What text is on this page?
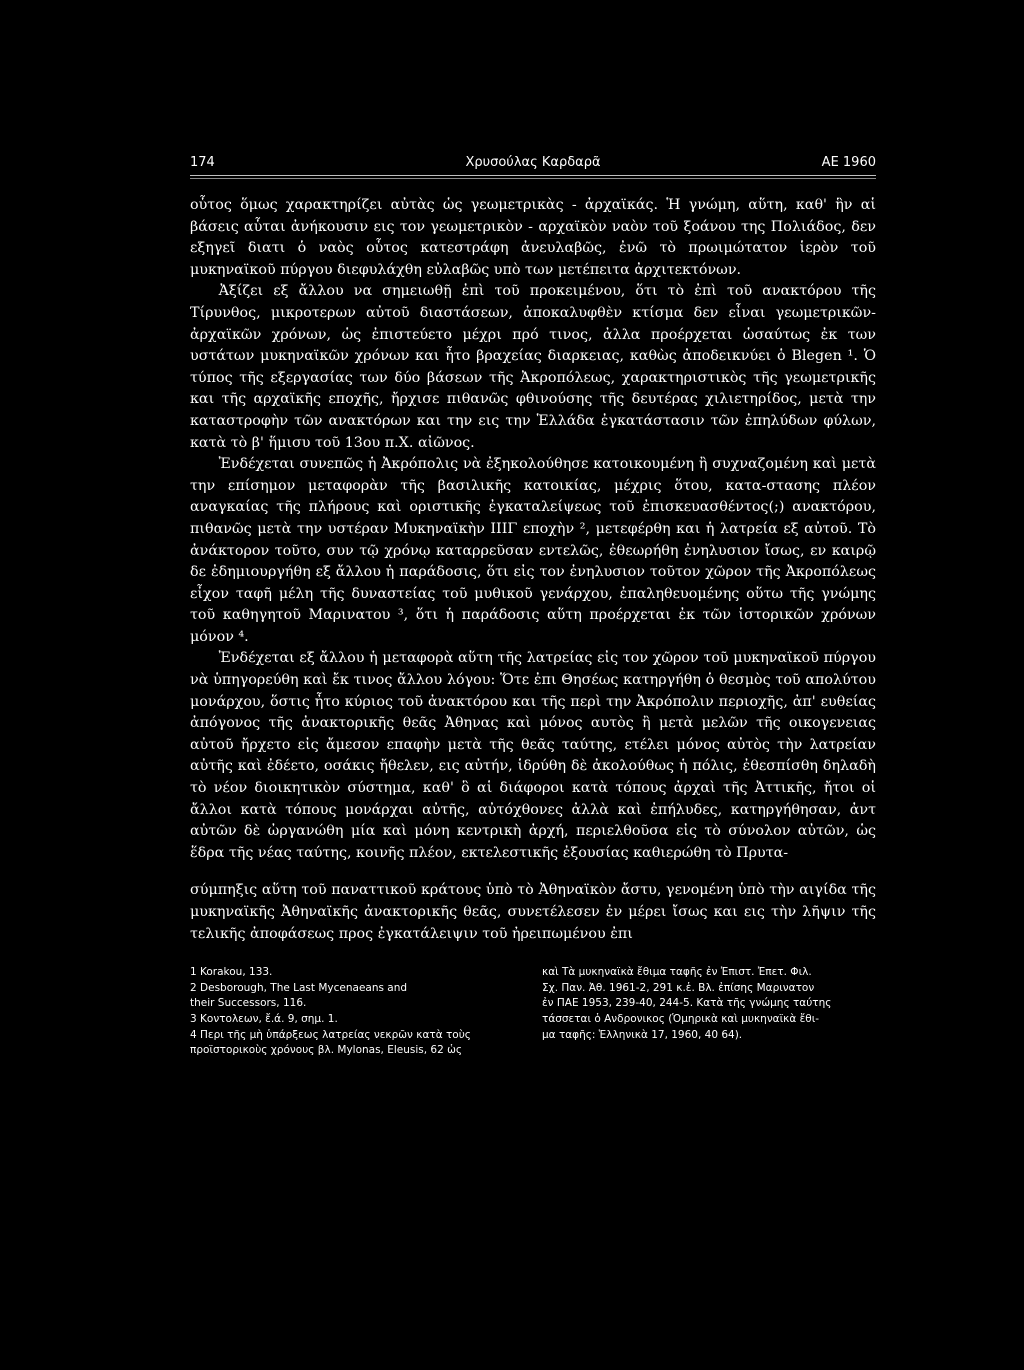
174	Χρυσούλας Καρδαρᾶ	ΑΕ 1960

οὗτος ὅμως χαρακτηρίζει αὐτὰς ὡς γεωμετρικὰς - ἀρχαϊκάς. Ἡ γνώμη, αὕτη, καθ' ἣν αἱ βάσεις αὗται ἀνήκουσιν εις τον γεωμετρικὸν - αρχαϊκὸν ναὸν τοῦ ξοάνου της Πολιάδος, δεν εξηγεῖ διατι ὁ ναὸς οὗτος κατεστράφη ἀνευλαβῶς, ἐνῶ τὸ πρωιμώτατον ἱερὸν τοῦ μυκηναϊκοῦ πύργου διεφυλάχθη εὐλαβῶς υπὸ των μετέπειτα ἀρχιτεκτόνων.

Ἀξίζει εξ ἄλλου να σημειωθῇ ἐπὶ τοῦ προκειμένου, ὅτι τὸ ἐπὶ τοῦ ανακτόρου τῆς Τίρυνθος, μικροτερων αὐτοῦ διαστάσεων, ἀποκαλυφθὲν κτίσμα δεν εἶναι γεωμετρικῶν-ἀρχαϊκῶν χρόνων, ὡς ἐπιστεύετο μέχρι πρό τινος, ἀλλα προέρχεται ὡσαύτως ἐκ των υστάτων μυκηναϊκῶν χρόνων και ἦτο βραχείας διαρκειας, καθὼς ἀποδεικνύει ὁ Blegen ¹. Ὁ τύπος τῆς εξεργασίας των δύο βάσεων τῆς Ἀκροπόλεως, χαρακτηριστικὸς τῆς γεωμετρικῆς και τῆς αρχαϊκῆς εποχῆς, ἤρχισε πιθανῶς φθινούσης τῆς δευτέρας χιλιετηρίδος, μετὰ την καταστροφὴν τῶν ανακτόρων και την εις την Ἑλλάδα ἐγκατάστασιν τῶν ἐπηλύδων φύλων, κατὰ τὸ β' ἥμισυ τοῦ 13ου π.Χ. αἰῶνος.

Ἐνδέχεται συνεπῶς ἡ Ἀκρόπολις νὰ ἐξηκολούθησε κατοικουμένη ἢ συχναζομένη καὶ μετὰ την επίσημον μεταφορὰν τῆς βασιλικῆς κατοικίας, μέχρις ὅτου, κατα-στασης πλέον αναγκαίας τῆς πλήρους καὶ οριστικῆς ἐγκαταλείψεως τοῦ ἐπισκευασθέντος(;) ανακτόρου, πιθανῶς μετὰ την υστέραν Μυκηναϊκὴν ΙΙΙΓ εποχὴν ², μετεφέρθη και ἡ λατρεία εξ αὐτοῦ. Τὸ ἀνάκτορον τοῦτο, συν τῷ χρόνῳ καταρρεῦσαν εντελῶς, ἐθεωρήθη ἐνηλυσιον ἴσως, εν καιρῷ δε ἐδημιουργήθη εξ ἄλλου ἡ παράδοσις, ὅτι εἰς τον ἐνηλυσιον τοῦτον χῶρον τῆς Ἀκροπόλεως εἶχον ταφῆ μέλη τῆς δυναστείας τοῦ μυθικοῦ γενάρχου, ἐπαληθευομένης οὕτω τῆς γνώμης τοῦ καθηγητοῦ Μαρινατου ³, ὅτι ἡ παράδοσις αὕτη προέρχεται ἐκ τῶν ἱστορικῶν χρόνων μόνον ⁴.

Ἐνδέχεται εξ ἄλλου ἡ μεταφορὰ αὕτη τῆς λατρείας εἰς τον χῶρον τοῦ μυκηναϊκοῦ πύργου νὰ ὑπηγορεύθη καὶ ἔκ τινος ἄλλου λόγου: Ὅτε ἐπι Θησέως κατηργήθη ὁ θεσμὸς τοῦ απολύτου μονάρχου, ὅστις ἦτο κύριος τοῦ ἀνακτόρου και τῆς περὶ την Ἀκρόπολιν περιοχῆς, ἀπ' ευθείας ἀπόγονος τῆς ἀνακτορικῆς θεᾶς Ἀθηνας καὶ μόνος αυτὸς ἢ μετὰ μελῶν τῆς οικογενειας αὐτοῦ ἤρχετο εἰς ἄμεσον επαφὴν μετὰ τῆς θεᾶς ταύτης, ετέλει μόνος αὐτὸς τὴν λατρείαν αὐτῆς καὶ ἐδέετο, οσάκις ἤθελεν, εις αὐτήν, ἱδρύθη δὲ ἀκολούθως ἡ πόλις, ἐθεσπίσθη δηλαδὴ τὸ νέον διοικητικὸν σύστημα, καθ' ὃ αἱ διάφοροι κατὰ τόπους ἀρχαὶ τῆς Ἀττικῆς, ἤτοι οἱ ἄλλοι κατὰ τόπους μονάρχαι αὐτῆς, αὐτόχθονες ἀλλὰ καὶ ἐπήλυδες, κατηργήθησαν, ἀντ αὐτῶν δὲ ὠργανώθη μία καὶ μόνη κεντρικὴ ἀρχή, περιελθοῦσα εἰς τὸ σύνολον αὐτῶν, ὡς ἕδρα τῆς νέας ταύτης, κοινῆς πλέον, εκτελεστικῆς ἐξουσίας καθιερώθη τὸ Πρυτα-

σύμπηξις αὕτη τοῦ παναττικοῦ κράτους ὑπὸ τὸ Ἀθηναϊκὸν ἄστυ, γενομένη ὑπὸ τὴν αιγίδα τῆς μυκηναϊκῆς Ἀθηναϊκῆς ἀνακτορικῆς θεᾶς, συνετέλεσεν ἐν μέρει ἴσως και εις τὴν λῆψιν τῆς τελικῆς ἀποφάσεως προς ἐγκατάλειψιν τοῦ ἠρειπωμένου ἐπι

1 Korakou, 133.

2 Desborough, The Last Mycenaeans and

their Successors, 116.

3 Κοντολεων, ἔ.ά. 9, σημ. 1.

4 Περι τῆς μὴ ὑπάρξεως λατρείας νεκρῶν κατὰ τοὺς

προϊστορικοὺς χρόνους βλ. Mylonas, Eleusis, 62 ὡς

καὶ Τὰ μυκηναϊκὰ ἔθιμα ταφῆς ἐν Ἐπιστ. Ἐπετ. Φιλ.

Σχ. Παν. Ἀθ. 1961-2, 291 κ.ἑ. Βλ. ἐπίσης Μαρινατον

ἐν ΠΑΕ 1953, 239-40, 244-5. Κατὰ τῆς γνώμης ταύτης

τάσσεται ὁ Ανδρονικος (Ὁμηρικὰ καὶ μυκηναϊκὰ ἔθι-

μα ταφῆς: Ἑλληνικὰ 17, 1960, 40 64).
